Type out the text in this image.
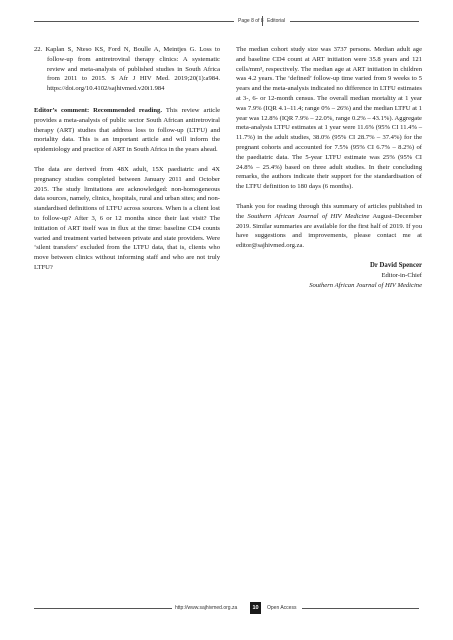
Page 8 of 8 Editorial

22. Kaplan S, Nteso KS, Ford N, Boulle A, Meintjes G. Loss to follow-up from antiretroviral therapy clinics: A systematic review and meta-analysis of published studies in South Africa from 2011 to 2015. S Afr J HIV Med. 2019;20(1):a984. https://doi.org/10.4102/sajhivmed.v20i1.984

Editor’s comment: Recommended reading. This review article provides a meta-analysis of public sector South African antiretroviral therapy (ART) studies that address loss to follow-up (LTFU) and mortality data. This is an important article and will inform the epidemiology and practice of ART in South Africa in the years ahead.

The data are derived from 48X adult, 15X paediatric and 4X pregnancy studies completed between January 2011 and October 2015. The study limitations are acknowledged: non-homogeneous data sources, namely, clinics, hospitals, rural and urban sites; and non-standardised definitions of LTFU across sources. When is a client lost to follow-up? After 3, 6 or 12 months since their last visit? The initiation of ART itself was in flux at the time: baseline CD4 counts varied and treatment varied between private and state providers. Were ‘silent transfers’ excluded from the LTFU data, that is, clients who move between clinics without informing staff and who are not truly LTFU?

The median cohort study size was 3737 persons. Median adult age and baseline CD4 count at ART initiation were 35.8 years and 121 cells/mm³, respectively. The median age at ART initiation in children was 4.2 years. The ‘defined’ follow-up time varied from 9 weeks to 5 years and the meta-analysis indicated no difference in LTFU estimates at 3-, 6- or 12-month census. The overall median mortality at 1 year was 7.9% (IQR 4.1–11.4; range 0% – 26%) and the median LTFU at 1 year was 12.8% (IQR 7.9% – 22.0%, range 0.2% – 43.1%). Aggregate meta-analysis LTFU estimates at 1 year were 11.6% (95% CI 11.4% – 11.7%) in the adult studies, 38.0% (95% CI 28.7% – 37.4%) for the pregnant cohorts and accounted for 7.5% (95% CI 6.7% – 8.2%) of the paediatric data. The 5-year LTFU estimate was 25% (95% CI 24.8% – 25.4%) based on three adult studies. In their concluding remarks, the authors indicate their support for the standardisation of the LTFU definition to 180 days (6 months).

Thank you for reading through this summary of articles published in the Southern African Journal of HIV Medicine August–December 2019. Similar summaries are available for the first half of 2019. If you have suggestions and improvements, please contact me at editor@sajhivmed.org.za.

Dr David Spencer
Editor-in-Chief
Southern African Journal of HIV Medicine
http://www.sajhivmed.org.za	10	Open Access
